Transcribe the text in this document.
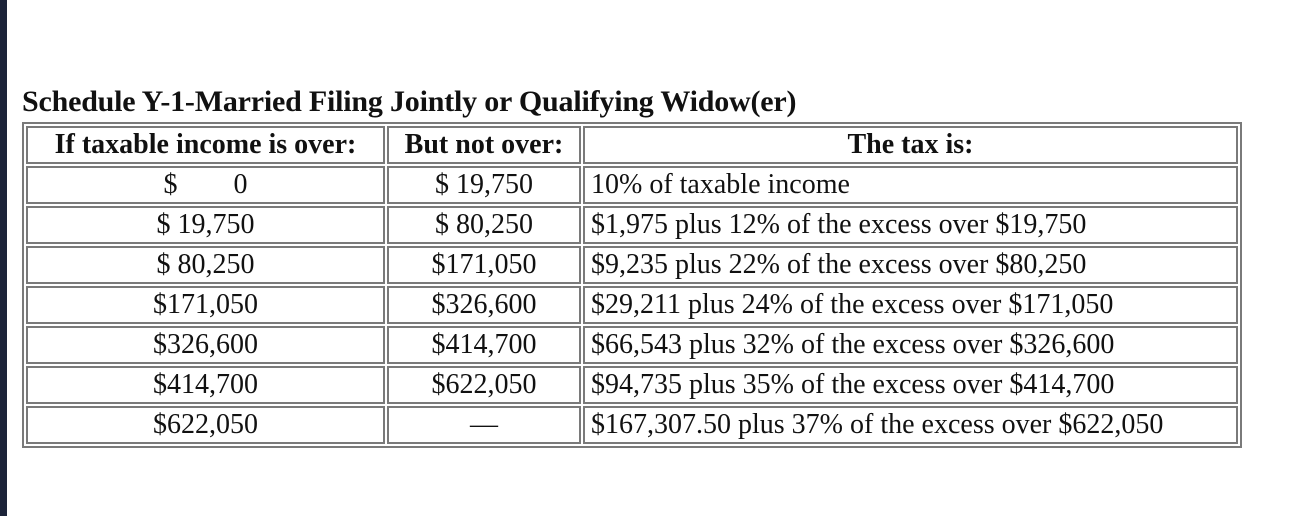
Schedule Y-1-Married Filing Jointly or Qualifying Widow(er)
If taxable income is over:	But not over:	The tax is:
$        0	$ 19,750	10% of taxable income
$ 19,750	$ 80,250	$1,975 plus 12% of the excess over $19,750
$ 80,250	$171,050	$9,235 plus 22% of the excess over $80,250
$171,050	$326,600	$29,211 plus 24% of the excess over $171,050
$326,600	$414,700	$66,543 plus 32% of the excess over $326,600
$414,700	$622,050	$94,735 plus 35% of the excess over $414,700
$622,050	—	$167,307.50 plus 37% of the excess over $622,050
